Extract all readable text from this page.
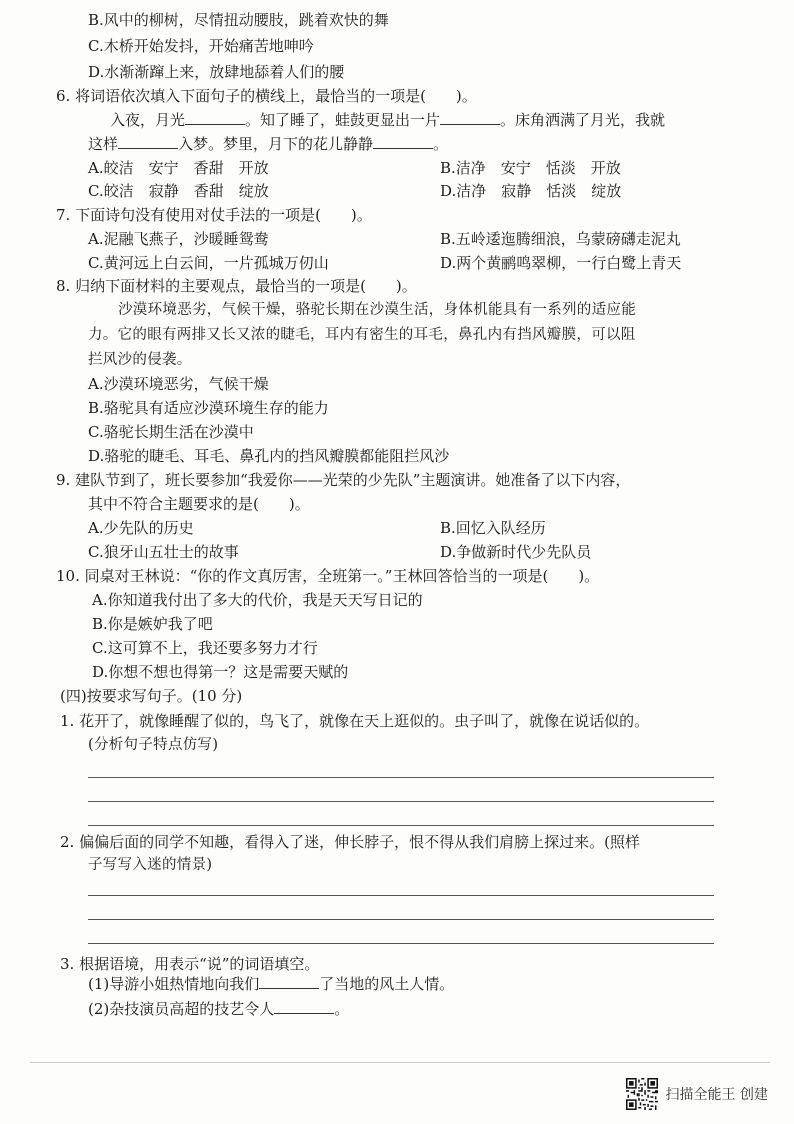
B.风中的柳树，尽情扭动腰肢，跳着欢快的舞
C.木桥开始发抖，开始痛苦地呻吟
D.水渐渐蹿上来，放肆地舔着人们的腰
6. 将词语依次填入下面句子的横线上，最恰当的一项是(　　)。
入夜，月光	。知了睡了，蛙鼓更显出一片	。床角洒满了月光，我就
这样	入梦。梦里，月下的花儿静静	。
A.皎洁　安宁　香甜　开放	B.洁净　安宁　恬淡　开放
C.皎洁　寂静　香甜　绽放	D.洁净　寂静　恬淡　绽放
7. 下面诗句没有使用对仗手法的一项是(　　)。
A.泥融飞燕子，沙暖睡鸳鸯	B.五岭逶迤腾细浪，乌蒙磅礴走泥丸
C.黄河远上白云间，一片孤城万仞山	D.两个黄鹂鸣翠柳，一行白鹭上青天
8. 归纳下面材料的主要观点，最恰当的一项是(　　)。
沙漠环境恶劣，气候干燥，骆驼长期在沙漠生活，身体机能具有一系列的适应能
力。它的眼有两排又长又浓的睫毛，耳内有密生的耳毛，鼻孔内有挡风瓣膜，可以阻
拦风沙的侵袭。
A.沙漠环境恶劣，气候干燥
B.骆驼具有适应沙漠环境生存的能力
C.骆驼长期生活在沙漠中
D.骆驼的睫毛、耳毛、鼻孔内的挡风瓣膜都能阻拦风沙
9. 建队节到了，班长要参加“我爱你——光荣的少先队”主题演讲。她准备了以下内容，
其中不符合主题要求的是(　　)。
A.少先队的历史	B.回忆入队经历
C.狼牙山五壮士的故事	D.争做新时代少先队员
10. 同桌对王林说：“你的作文真厉害，全班第一。”王林回答恰当的一项是(　　)。
A.你知道我付出了多大的代价，我是天天写日记的
B.你是嫉妒我了吧
C.这可算不上，我还要多努力才行
D.你想不想也得第一？这是需要天赋的
(四)按要求写句子。(10 分)
1. 花开了，就像睡醒了似的，鸟飞了，就像在天上逛似的。虫子叫了，就像在说话似的。
(分析句子特点仿写)
2. 偏偏后面的同学不知趣，看得入了迷，伸长脖子，恨不得从我们肩膀上探过来。(照样
子写写入迷的情景)
3. 根据语境，用表示“说”的词语填空。
(1)导游小姐热情地向我们	了当地的风土人情。
(2)杂技演员高超的技艺令人	。
扫描全能王 创建
